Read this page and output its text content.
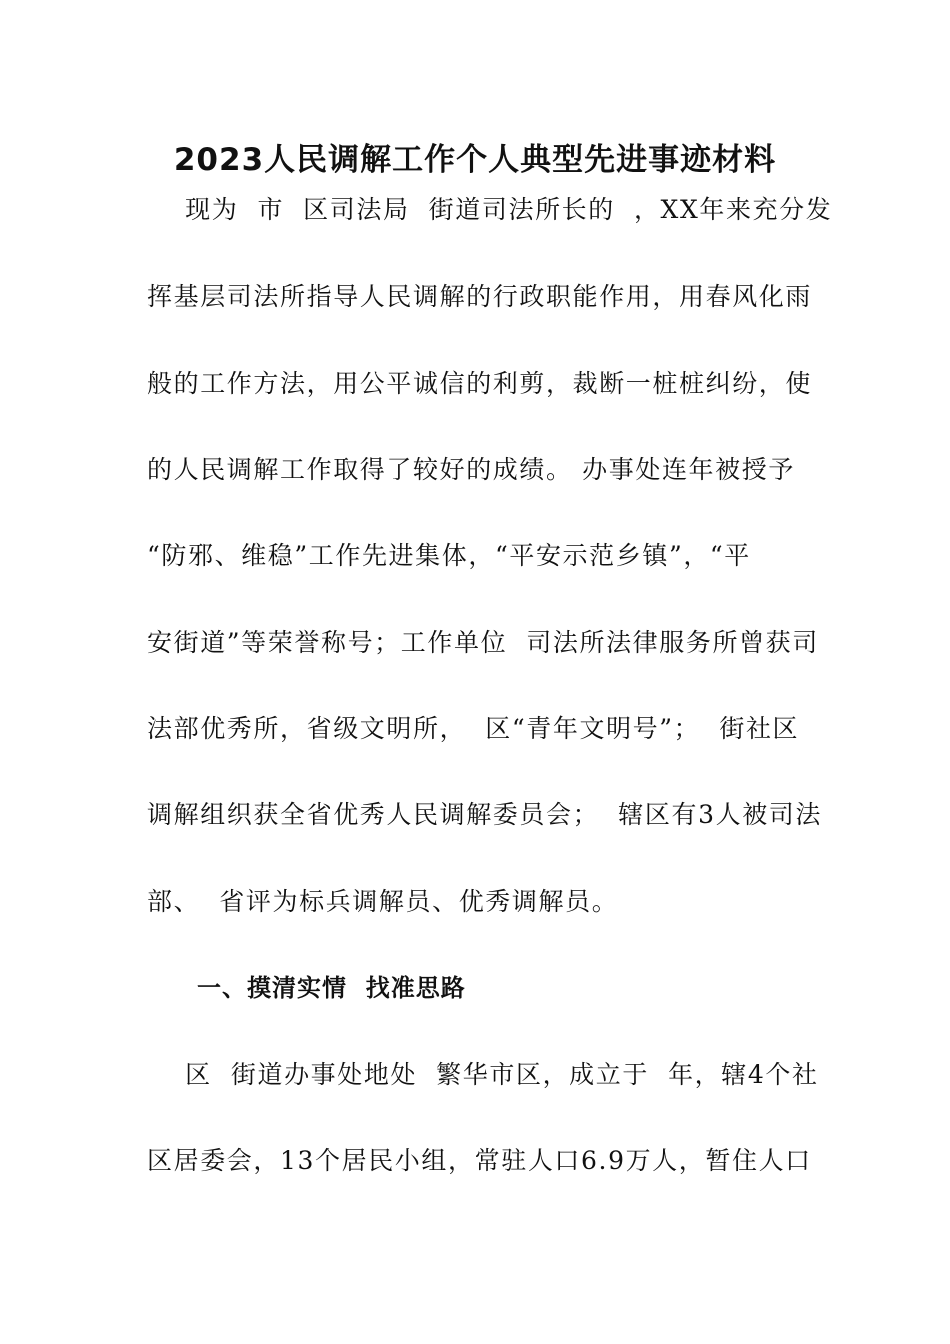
2023人民调解工作个人典型先进事迹材料
现为  市  区司法局  街道司法所长的  ，XX年来充分发
挥基层司法所指导人民调解的行政职能作用，用春风化雨
般的工作方法，用公平诚信的利剪，裁断一桩桩纠纷，使
的人民调解工作取得了较好的成绩。 办事处连年被授予
“防邪、维稳”工作先进集体，“平安示范乡镇”，“平
安街道”等荣誉称号；工作单位  司法所法律服务所曾获司
法部优秀所，省级文明所，  区“青年文明号”；  街社区
调解组织获全省优秀人民调解委员会；  辖区有3人被司法
部、  省评为标兵调解员、优秀调解员。
一、摸清实情  找准思路
区  街道办事处地处  繁华市区，成立于  年，辖4个社
区居委会，13个居民小组，常驻人口6.9万人，暂住人口
